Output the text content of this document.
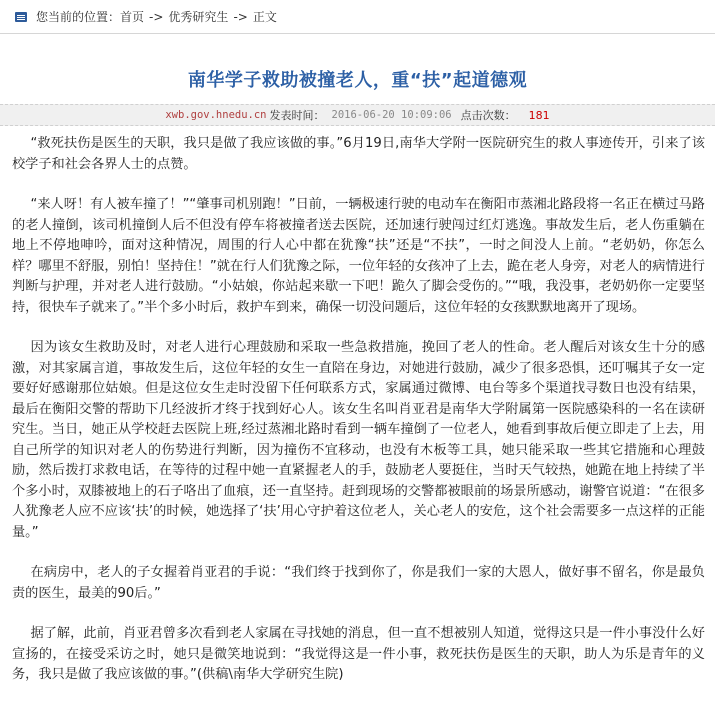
您当前的位置： 首页 -> 优秀研究生 -> 正文
南华学子救助被撞老人，重“扶”起道德观
xwb.gov.hnedu.cn 发表时间： 2016-06-20 10:09:06 点击次数： 181

“救死扶伤是医生的天职，我只是做了我应该做的事。”6月19日,南华大学附一医院研究生的救人事迹传开，引来了该校学子和社会各界人士的点赞。

“来人呀！有人被车撞了！”“肇事司机别跑！”日前，一辆极速行驶的电动车在衡阳市蒸湘北路段将一名正在横过马路的老人撞倒，该司机撞倒人后不但没有停车将被撞者送去医院，还加速行驶闯过红灯逃逸。事故发生后，老人伤重躺在地上不停地呻吟，面对这种情况，周围的行人心中都在犹豫“扶”还是“不扶”，一时之间没人上前。“老奶奶，你怎么样？哪里不舒服，别怕！坚持住！”就在行人们犹豫之际，一位年轻的女孩冲了上去，跪在老人身旁，对老人的病情进行判断与护理，并对老人进行鼓励。“小姑娘，你站起来歇一下吧！跪久了脚会受伤的。”“哦，我没事，老奶奶你一定要坚持，很快车子就来了。”半个多小时后，救护车到来，确保一切没问题后，这位年轻的女孩默默地离开了现场。

因为该女生救助及时，对老人进行心理鼓励和采取一些急救措施，挽回了老人的性命。老人醒后对该女生十分的感激，对其家属言道，事故发生后，这位年轻的女生一直陪在身边，对她进行鼓励，减少了很多恐惧，还叮嘱其子女一定要好好感谢那位姑娘。但是这位女生走时没留下任何联系方式，家属通过微博、电台等多个渠道找寻数日也没有结果，最后在衡阳交警的帮助下几经波折才终于找到好心人。该女生名叫肖亚君是南华大学附属第一医院感染科的一名在读研究生。当日，她正从学校赶去医院上班,经过蒸湘北路时看到一辆车撞倒了一位老人，她看到事故后便立即走了上去，用自己所学的知识对老人的伤势进行判断，因为撞伤不宜移动，也没有木板等工具，她只能采取一些其它措施和心理鼓励，然后拨打求救电话，在等待的过程中她一直紧握老人的手，鼓励老人要挺住，当时天气较热，她跪在地上持续了半个多小时，双膝被地上的石子咯出了血痕，还一直坚持。赶到现场的交警都被眼前的场景所感动，谢警官说道：“在很多人犹豫老人应不应该‘扶’的时候，她选择了‘扶’用心守护着这位老人，关心老人的安危，这个社会需要多一点这样的正能量。”

在病房中，老人的子女握着肖亚君的手说：“我们终于找到你了，你是我们一家的大恩人，做好事不留名，你是最负责的医生，最美的90后。”

据了解，此前，肖亚君曾多次看到老人家属在寻找她的消息，但一直不想被别人知道，觉得这只是一件小事没什么好宣扬的，在接受采访之时，她只是微笑地说到：“我觉得这是一件小事，救死扶伤是医生的天职，助人为乐是青年的义务，我只是做了我应该做的事。”(供稿\南华大学研究生院)
